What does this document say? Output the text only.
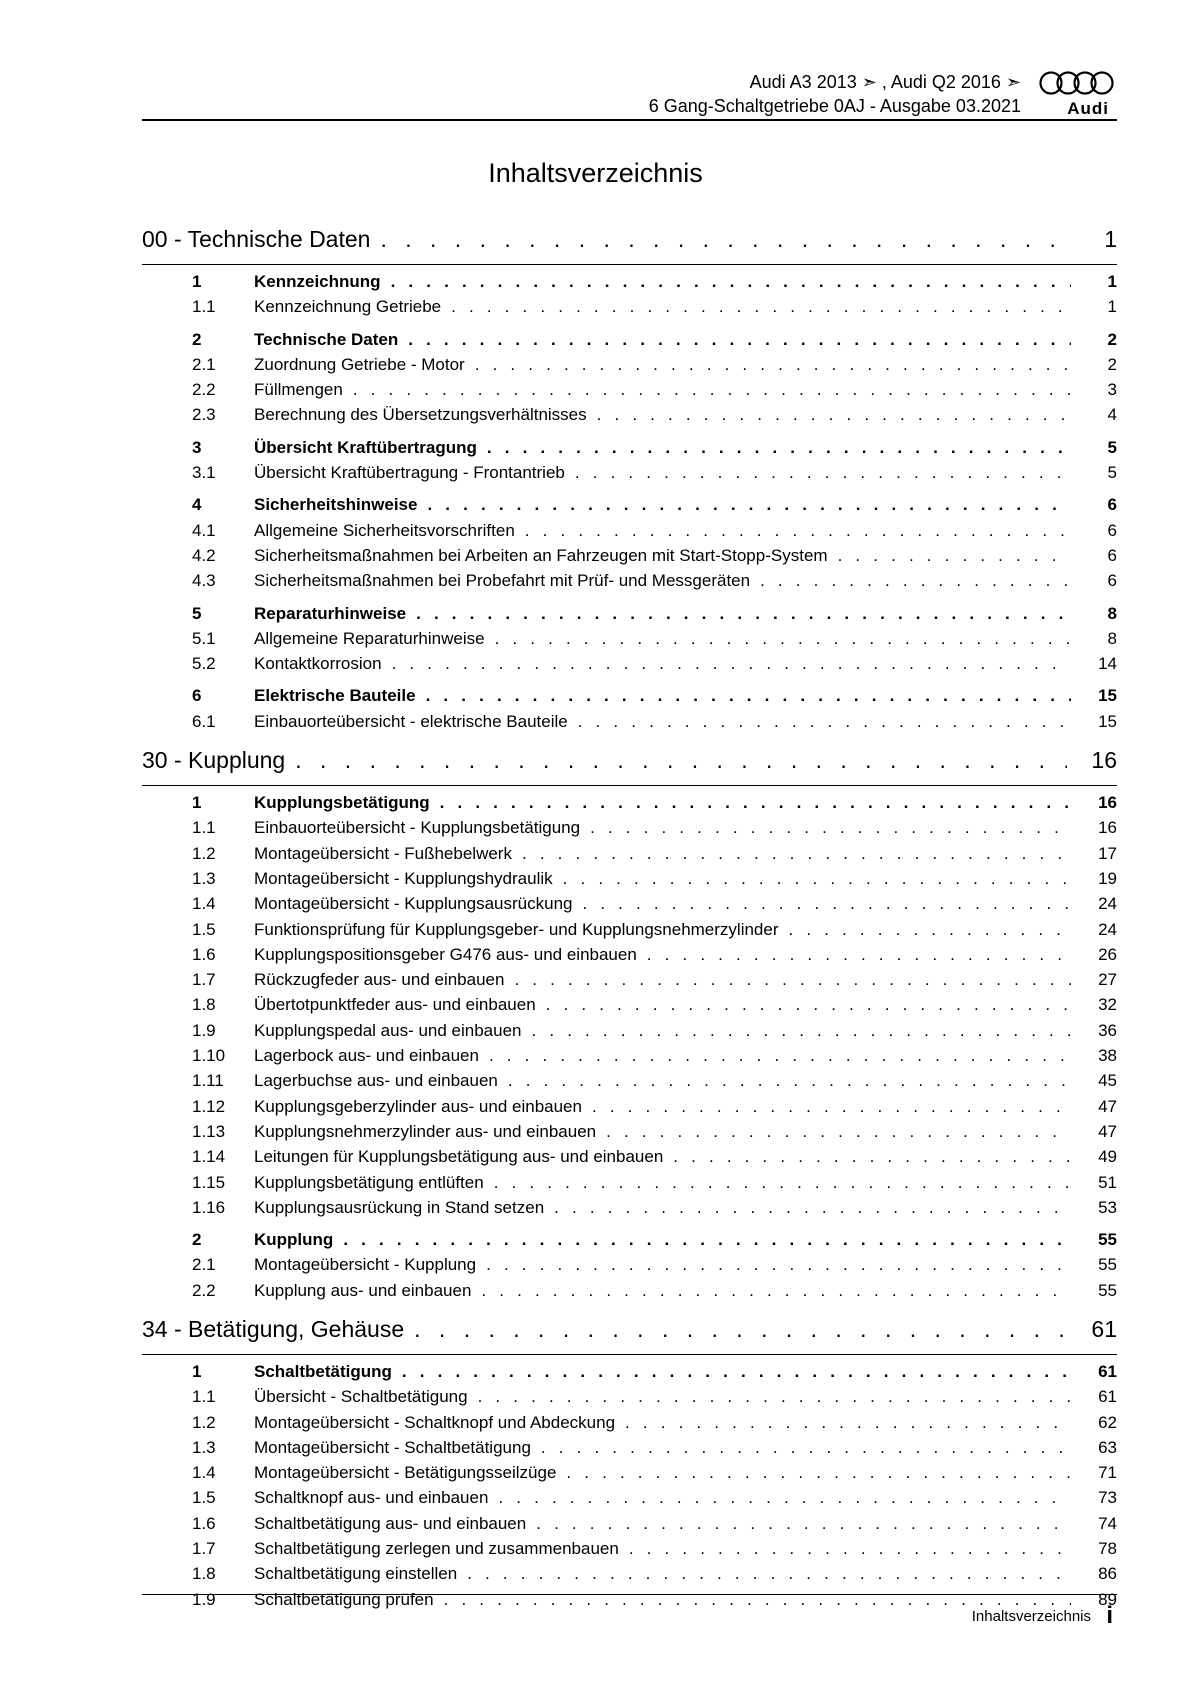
Audi A3 2013 ➣ , Audi Q2 2016 ➣
6 Gang-Schaltgetriebe 0AJ - Ausgabe 03.2021	Audi
Inhaltsverzeichnis
00 - Technische Daten . . .	1
1	Kennzeichnung . . .	1
1.1	Kennzeichnung Getriebe . . .	1
2	Technische Daten . . .	2
2.1	Zuordnung Getriebe - Motor . . .	2
2.2	Füllmengen . . .	3
2.3	Berechnung des Übersetzungsverhältnisses . . .	4
3	Übersicht Kraftübertragung . . .	5
3.1	Übersicht Kraftübertragung - Frontantrieb . . .	5
4	Sicherheitshinweise . . .	6
4.1	Allgemeine Sicherheitsvorschriften . . .	6
4.2	Sicherheitsmaßnahmen bei Arbeiten an Fahrzeugen mit Start-Stopp-System . . .	6
4.3	Sicherheitsmaßnahmen bei Probefahrt mit Prüf- und Messgeräten . . .	6
5	Reparaturhinweise . . .	8
5.1	Allgemeine Reparaturhinweise . . .	8
5.2	Kontaktkorrosion . . .	14
6	Elektrische Bauteile . . .	15
6.1	Einbauorteübersicht - elektrische Bauteile . . .	15
30 - Kupplung . . .	16
1	Kupplungsbetätigung . . .	16
1.1	Einbauorteübersicht - Kupplungsbetätigung . . .	16
1.2	Montageübersicht - Fußhebelwerk . . .	17
1.3	Montageübersicht - Kupplungshydraulik . . .	19
1.4	Montageübersicht - Kupplungsausrückung . . .	24
1.5	Funktionsprüfung für Kupplungsgeber- und Kupplungsnehmerzylinder . . .	24
1.6	Kupplungspositionsgeber G476 aus- und einbauen . . .	26
1.7	Rückzugfeder aus- und einbauen . . .	27
1.8	Übertotpunktfeder aus- und einbauen . . .	32
1.9	Kupplungspedal aus- und einbauen . . .	36
1.10	Lagerbock aus- und einbauen . . .	38
1.11	Lagerbuchse aus- und einbauen . . .	45
1.12	Kupplungsgeberzylinder aus- und einbauen . . .	47
1.13	Kupplungsnehmerzylinder aus- und einbauen . . .	47
1.14	Leitungen für Kupplungsbetätigung aus- und einbauen . . .	49
1.15	Kupplungsbetätigung entlüften . . .	51
1.16	Kupplungsausrückung in Stand setzen . . .	53
2	Kupplung . . .	55
2.1	Montageübersicht - Kupplung . . .	55
2.2	Kupplung aus- und einbauen . . .	55
34 - Betätigung, Gehäuse . . .	61
1	Schaltbetätigung . . .	61
1.1	Übersicht - Schaltbetätigung . . .	61
1.2	Montageübersicht - Schaltknopf und Abdeckung . . .	62
1.3	Montageübersicht - Schaltbetätigung . . .	63
1.4	Montageübersicht - Betätigungsseilzüge . . .	71
1.5	Schaltknopf aus- und einbauen . . .	73
1.6	Schaltbetätigung aus- und einbauen . . .	74
1.7	Schaltbetätigung zerlegen und zusammenbauen . . .	78
1.8	Schaltbetätigung einstellen . . .	86
1.9	Schaltbetätigung prüfen . . .	89
Inhaltsverzeichnis i
